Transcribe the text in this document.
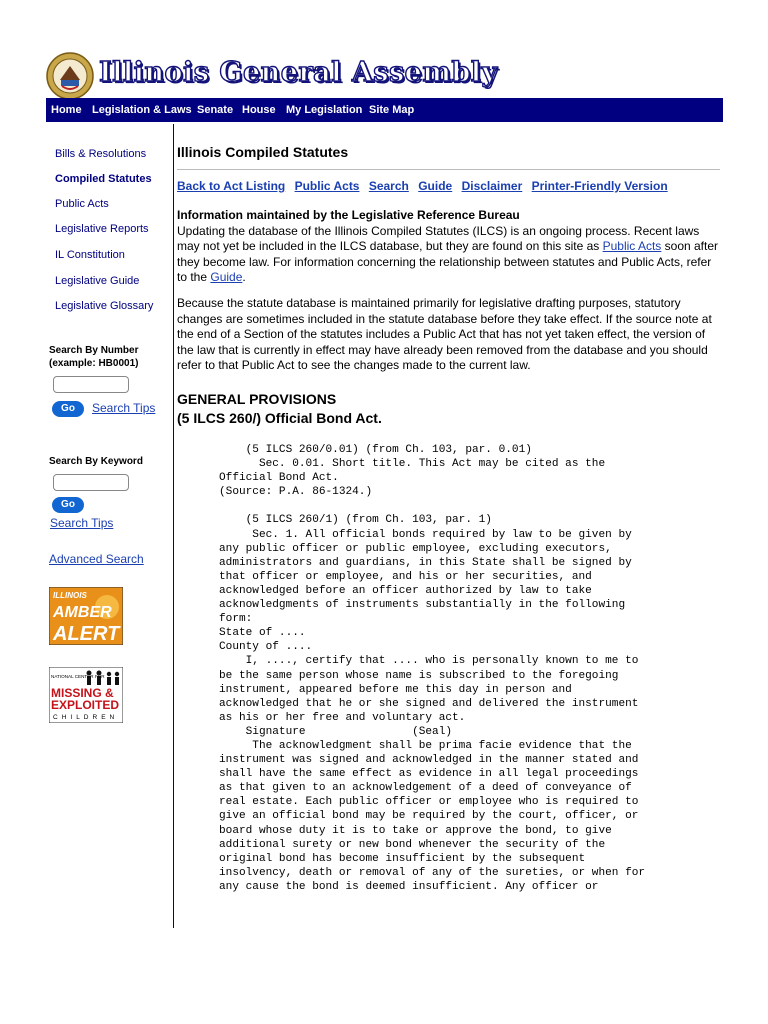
Illinois General Assembly
Home Legislation & Laws Senate House My Legislation Site Map
Bills & Resolutions
Compiled Statutes
Public Acts
Legislative Reports
IL Constitution
Legislative Guide
Legislative Glossary
Search By Number
(example: HB0001)
Go	Search Tips
Search By Keyword
Go
Search Tips
Advanced Search
ILLINOIS
AMBER
ALERT
NATIONAL CENTER FOR
MISSING &
EXPLOITED
CHILDREN
Illinois Compiled Statutes
Back to Act Listing Public Acts Search Guide Disclaimer Printer-Friendly Version
Information maintained by the Legislative Reference Bureau

Updating the database of the Illinois Compiled Statutes (ILCS) is an ongoing process. Recent laws may not yet be included in the ILCS database, but they are found on this site as Public Acts soon after they become law. For information concerning the relationship between statutes and Public Acts, refer to the Guide.

Because the statute database is maintained primarily for legislative drafting purposes, statutory changes are sometimes included in the statute database before they take effect. If the source note at the end of a Section of the statutes includes a Public Act that has not yet taken effect, the version of the law that is currently in effect may have already been removed from the database and you should refer to that Public Act to see the changes made to the current law.

GENERAL PROVISIONS
(5 ILCS 260/) Official Bond Act.
(5 ILCS 260/0.01) (from Ch. 103, par. 0.01)
Sec. 0.01. Short title. This Act may be cited as the
Official Bond Act.
(Source: P.A. 86-1324.)

(5 ILCS 260/1) (from Ch. 103, par. 1)
Sec. 1. All official bonds required by law to be given by
any public officer or public employee, excluding executors,
administrators and guardians, in this State shall be signed by
that officer or employee, and his or her securities, and
acknowledged before an officer authorized by law to take
acknowledgments of instruments substantially in the following
form:
State of ....
County of ....
I, ...., certify that .... who is personally known to me to
be the same person whose name is subscribed to the foregoing
instrument, appeared before me this day in person and
acknowledged that he or she signed and delivered the instrument
as his or her free and voluntary act.
Signature                (Seal)
The acknowledgment shall be prima facie evidence that the
instrument was signed and acknowledged in the manner stated and
shall have the same effect as evidence in all legal proceedings
as that given to an acknowledgement of a deed of conveyance of
real estate. Each public officer or employee who is required to
give an official bond may be required by the court, officer, or
board whose duty it is to take or approve the bond, to give
additional surety or new bond whenever the security of the
original bond has become insufficient by the subsequent
insolvency, death or removal of any of the sureties, or when for
any cause the bond is deemed insufficient. Any officer or
